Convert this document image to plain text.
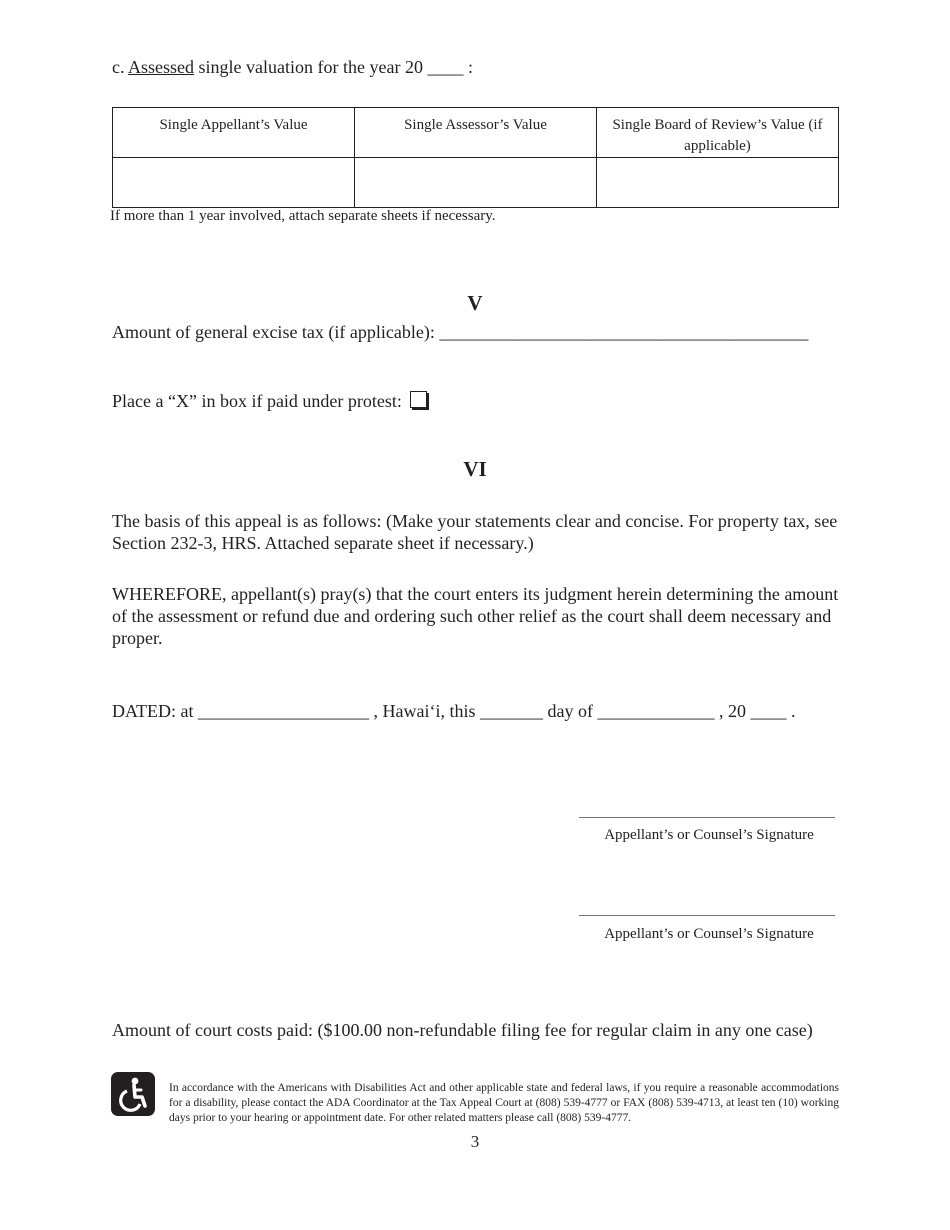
c. Assessed single valuation for the year 20 ____ :
Single Appellant’s Value	Single Assessor’s Value	Single Board of Review’s Value (if applicable)

If more than 1 year involved, attach separate sheets if necessary.
V
Amount of general excise tax (if applicable): _________________________________________
Place a “X” in box if paid under protest:
VI
The basis of this appeal is as follows: (Make your statements clear and concise. For property tax, see Section 232-3, HRS. Attached separate sheet if necessary.)
WHEREFORE, appellant(s) pray(s) that the court enters its judgment herein determining the amount of the assessment or refund due and ordering such other relief as the court shall deem necessary and proper.
DATED: at ___________________ , Hawai‘i, this _______ day of _____________ , 20 ____ .
Appellant’s or Counsel’s Signature
Appellant’s or Counsel’s Signature
Amount of court costs paid: ($100.00 non-refundable filing fee for regular claim in any one case)
In accordance with the Americans with Disabilities Act and other applicable state and federal laws, if you require a reasonable accommodations for a disability, please contact the ADA Coordinator at the Tax Appeal Court at (808) 539-4777 or FAX (808) 539-4713, at least ten (10) working days prior to your hearing or appointment date. For other related matters please call (808) 539-4777.
3
